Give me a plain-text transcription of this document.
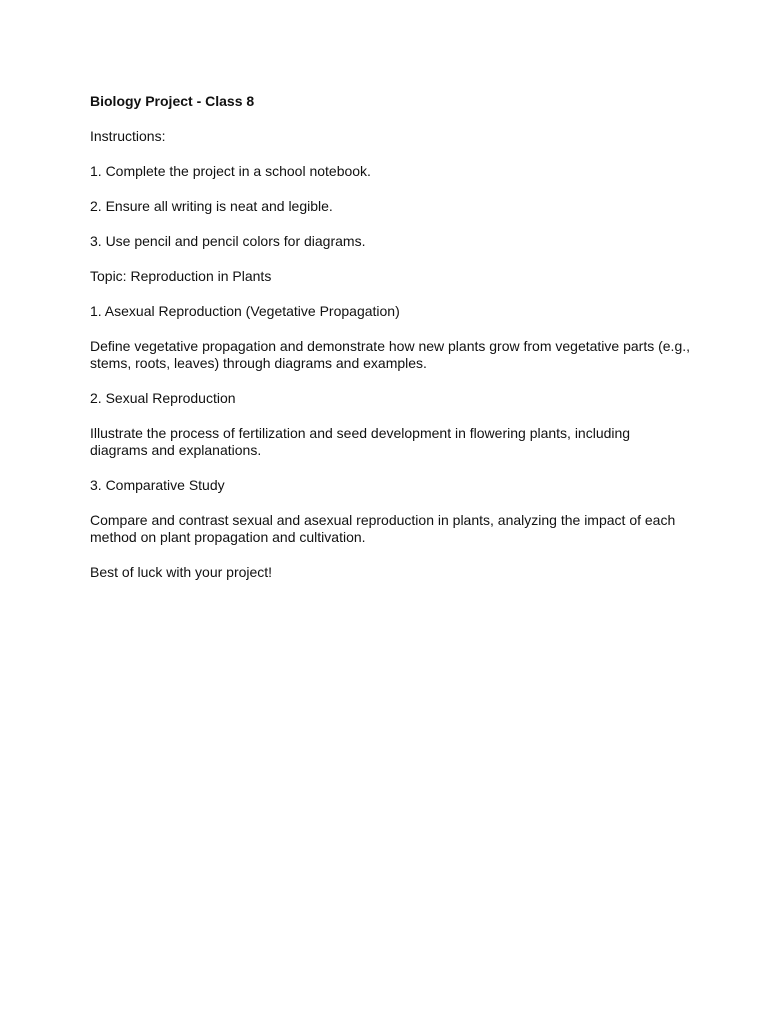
Biology Project - Class 8

Instructions:

1. Complete the project in a school notebook.

2. Ensure all writing is neat and legible.

3. Use pencil and pencil colors for diagrams.

Topic: Reproduction in Plants

1. Asexual Reproduction (Vegetative Propagation)

Define vegetative propagation and demonstrate how new plants grow from vegetative parts (e.g., stems, roots, leaves) through diagrams and examples.

2. Sexual Reproduction

Illustrate the process of fertilization and seed development in flowering plants, including diagrams and explanations.

3. Comparative Study

Compare and contrast sexual and asexual reproduction in plants, analyzing the impact of each method on plant propagation and cultivation.

Best of luck with your project!
